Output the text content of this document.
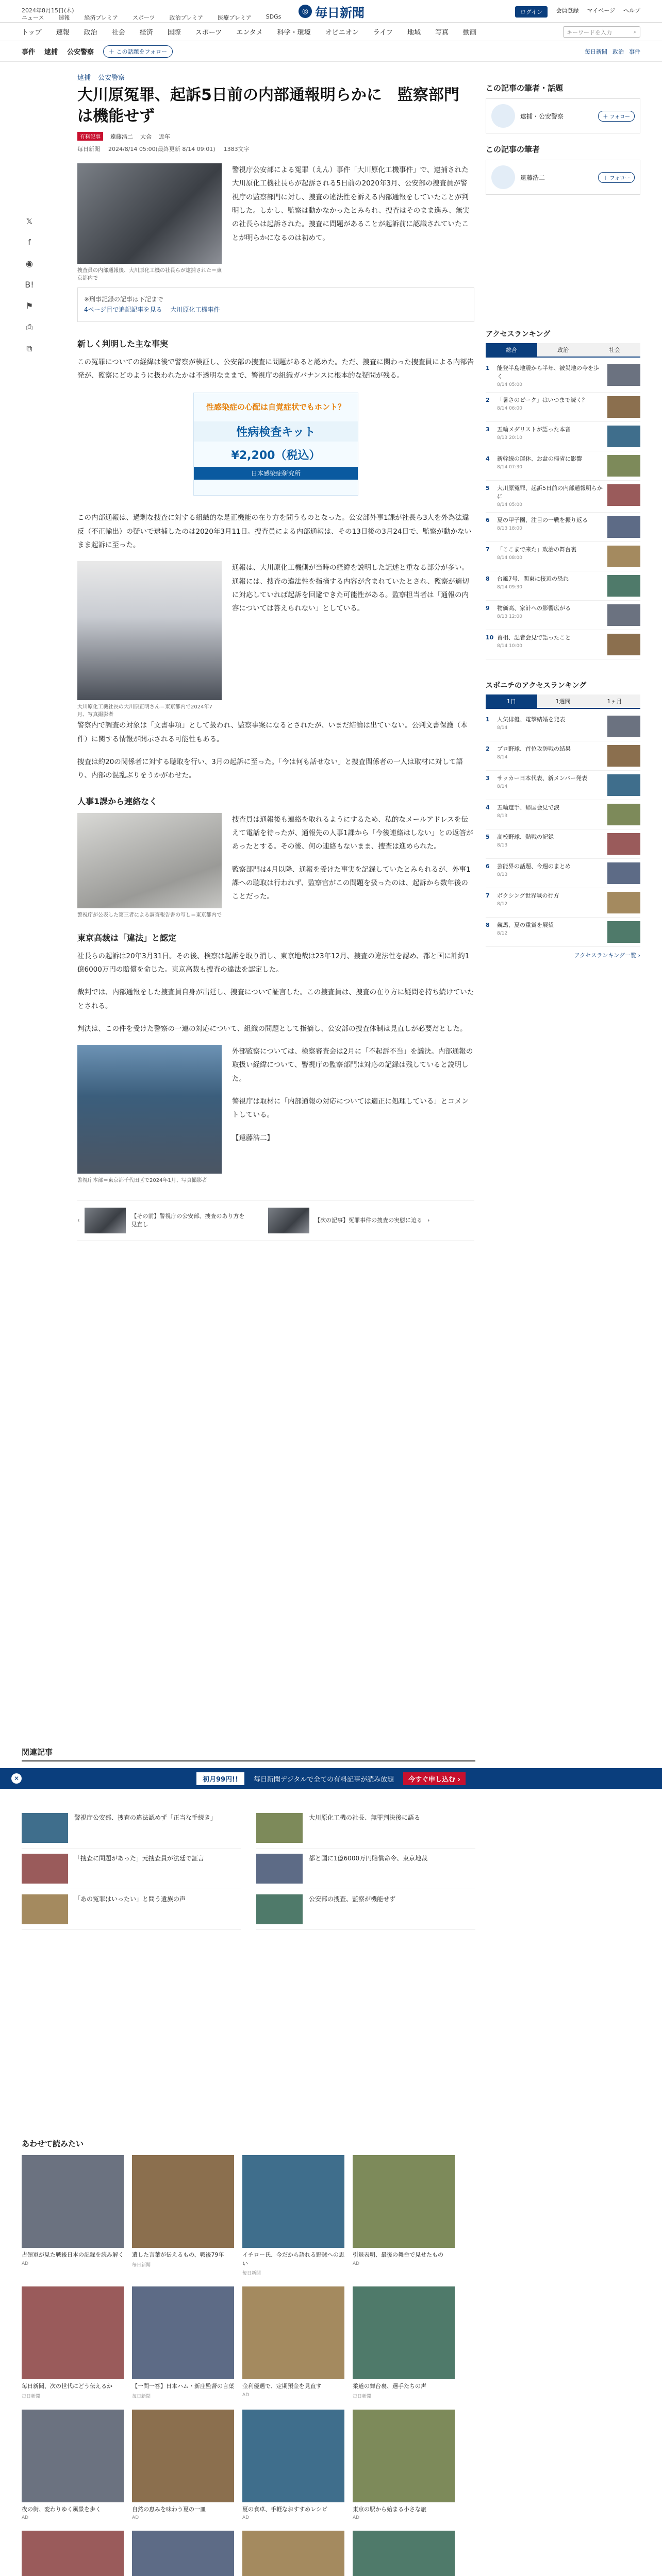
2024年8月15日(木)
ニュース	速報	経済プレミア	スポーツ	政治プレミア	医療プレミア	SDGs
◎ 毎日新聞	ログイン	会員登録 マイページ ヘルプ
トップ 速報 政治 社会 経済 国際 スポーツ エンタメ 科学・環境 オピニオン ライフ 地域 写真 動画	キーワードを入力	⌕
事件 逮捕 公安警察	＋ この話題をフォロー	毎日新聞 政治 事件
𝕏
f
◉
B!
⚑
⎙
⧉
逮捕 公安警察
大川原冤罪、起訴5日前の内部通報明らかに　監察部門は機能せず
有料記事	遠藤浩二 大合 近年
毎日新聞 2024/8/14 05:00(最終更新 8/14 09:01) 1383文字
捜査員の内部通報後、大川原化工機の社長らが逮捕された＝東京都内で

警視庁公安部による冤罪（えん）事件「大川原化工機事件」で、逮捕された大川原化工機社長らが起訴される5日前の2020年3月、公安部の捜査員が警視庁の監察部門に対し、捜査の違法性を訴える内部通報をしていたことが判明した。しかし、監察は動かなかったとみられ、捜査はそのまま進み、無実の社長らは起訴された。捜査に問題があることが起訴前に認識されていたことが明らかになるのは初めて。

※刑事記録の記事は下記まで
4ページ目で追記記事を見る 大川原化工機事件
新しく判明した主な事実

この冤罪についての経緯は後で警察が検証し、公安部の捜査に問題があると認めた。ただ、捜査に関わった捜査員による内部告発が、監察にどのように扱われたかは不透明なままで、警視庁の組織ガバナンスに根本的な疑問が残る。

性感染症の心配は自覚症状でもホント？
性病検査キット
¥2,200（税込）
日本感染症研究所

この内部通報は、過剰な捜査に対する組織的な是正機能の在り方を問うものとなった。公安部外事1課が社長ら3人を外為法違反（不正輸出）の疑いで逮捕したのは2020年3月11日。捜査員による内部通報は、その13日後の3月24日で、監察が動かないまま起訴に至った。

大川原化工機社長の大川原正明さん＝東京都内で2024年7月、写真撮影者

通報は、大川原化工機側が当時の経緯を説明した記述と重なる部分が多い。通報には、捜査の違法性を指摘する内容が含まれていたとされ、監察が適切に対応していれば起訴を回避できた可能性がある。監察担当者は「通報の内容については答えられない」としている。

警察内で調査の対象は「文書事項」として扱われ、監察事案になるとされたが、いまだ結論は出ていない。公判文書保護（本件）に関する情報が開示される可能性もある。

捜査は約20の関係者に対する聴取を行い、3月の起訴に至った。「今は何も話せない」と捜査関係者の一人は取材に対して語り、内部の混乱ぶりをうかがわせた。

人事1課から連絡なく
警視庁が公表した第三者による調査報告書の写し＝東京都内で

捜査員は通報後も連絡を取れるようにするため、私的なメールアドレスを伝えて電話を待ったが、通報先の人事1課から「今後連絡はしない」との返答があったとする。その後、何の連絡もないまま、捜査は進められた。

監察部門は4月以降、通報を受けた事実を記録していたとみられるが、外事1課への聴取は行われず、監察官がこの問題を扱ったのは、起訴から数年後のことだった。

東京高裁は「違法」と認定

社長らの起訴は20年3月31日。その後、検察は起訴を取り消し、東京地裁は23年12月、捜査の違法性を認め、都と国に計約1億6000万円の賠償を命じた。東京高裁も捜査の違法を認定した。

裁判では、内部通報をした捜査員自身が出廷し、捜査について証言した。この捜査員は、捜査の在り方に疑問を持ち続けていたとされる。

判決は、この件を受けた警察の一連の対応について、組織の問題として指摘し、公安部の捜査体制は見直しが必要だとした。

警視庁本部＝東京都千代田区で2024年1月、写真撮影者

外部監察については、検察審査会は2月に「不起訴不当」を議決。内部通報の取扱い経緯について、警視庁の監察部門は対応の記録は残していると説明した。

警視庁は取材に「内部通報の対応については適正に処理している」とコメントしている。

【遠藤浩二】

‹
【その前】警視庁の公安部、捜査のあり方を見直し
【次の記事】冤罪事件の捜査の実態に迫る ›
この記事の筆者・話題
逮捕・公安警察	＋ フォロー
この記事の筆者
遠藤浩二	＋ フォロー
アクセスランキング
総合	政治	社会
1	能登半島地震から半年、被災地の今を歩く
8/14 05:00
2	「暑さのピーク」はいつまで続く？
8/14 06:00
3	五輪メダリストが語った本音
8/13 20:10
4	新幹線の運休、お盆の帰省に影響
8/14 07:30
5	大川原冤罪、起訴5日前の内部通報明らかに
8/14 05:00
6	夏の甲子園、注目の一戦を振り返る
8/13 18:00
7	「ここまで来た」政治の舞台裏
8/14 08:00
8	台風7号、関東に接近の恐れ
8/14 09:30
9	物価高、家計への影響広がる
8/13 12:00
10 首相、記者会見で語ったこと
8/14 10:00
スポニチのアクセスランキング
1日	1週間	1ヶ月
1	人気俳優、電撃結婚を発表
8/14
2	プロ野球、首位攻防戦の結果
8/14
3	サッカー日本代表、新メンバー発表
8/14
4	五輪選手、帰国会見で涙
8/13
5	高校野球、熱戦の記録
8/13
6	芸能界の話題、今週のまとめ
8/13
7	ボクシング世界戦の行方
8/12
8	競馬、夏の重賞を展望
8/12
アクセスランキング一覧 ›
関連記事
警視庁公安部、捜査の違法認めず「正当な手続き」	大川原化工機の社長、無罪判決後に語る
「捜査に問題があった」元捜査員が法廷で証言	都と国に1億6000万円賠償命令、東京地裁
「あの冤罪はいったい」と問う遺族の声	公安部の捜査、監察が機能せず
✕	初月99円!!	毎日新聞デジタルで全ての有料記事が読み放題	今すぐ申し込む ›
あわせて読みたい
占領軍が見た戦後日本の記録を読み解く
AD
遺した言葉が伝えるもの、戦後79年
毎日新聞
イチロー氏、今だから語れる野球への思い
毎日新聞
引退表明、最後の舞台で見せたもの
AD
毎日新聞、次の世代にどう伝えるか
毎日新聞
【一問一答】日本ハム・新庄監督の言葉
毎日新聞
金利優遇で、定期預金を見直す
AD
柔道の舞台裏、選手たちの声
毎日新聞
夜の街、変わりゆく風景を歩く
AD
自然の恵みを味わう夏の一皿
AD
夏の食卓、手軽なおすすめレシピ
AD
東京の駅から始まる小さな旅
AD
